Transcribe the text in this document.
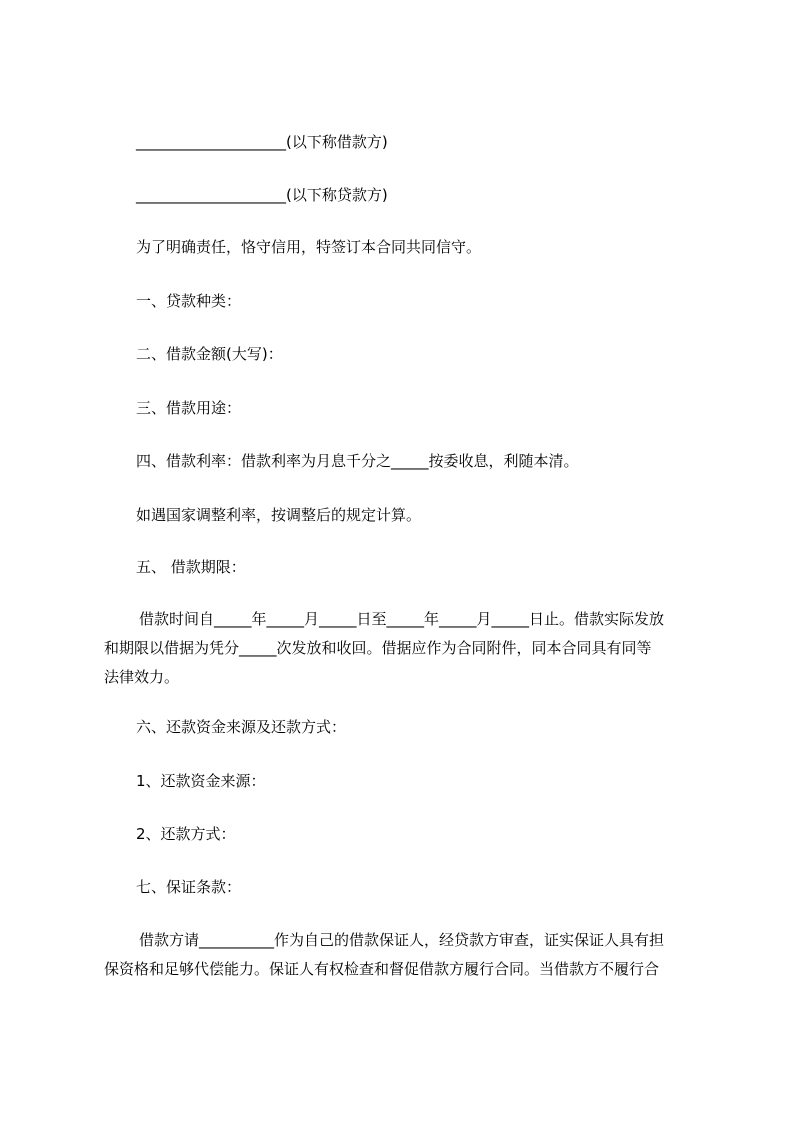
____________________(以下称借款方)
____________________(以下称贷款方)
为了明确责任，恪守信用，特签订本合同共同信守。
一、贷款种类：
二、借款金额(大写)：
三、借款用途：
四、借款利率：借款利率为月息千分之_____按委收息，利随本清。
如遇国家调整利率，按调整后的规定计算。
五、 借款期限：
借款时间自_____年_____月_____日至_____年_____月_____日止。借款实际发放
和期限以借据为凭分_____次发放和收回。借据应作为合同附件，同本合同具有同等
法律效力。
六、还款资金来源及还款方式：
1、还款资金来源：
2、还款方式：
七、保证条款：
借款方请__________作为自己的借款保证人，经贷款方审查，证实保证人具有担
保资格和足够代偿能力。保证人有权检查和督促借款方履行合同。当借款方不履行合
